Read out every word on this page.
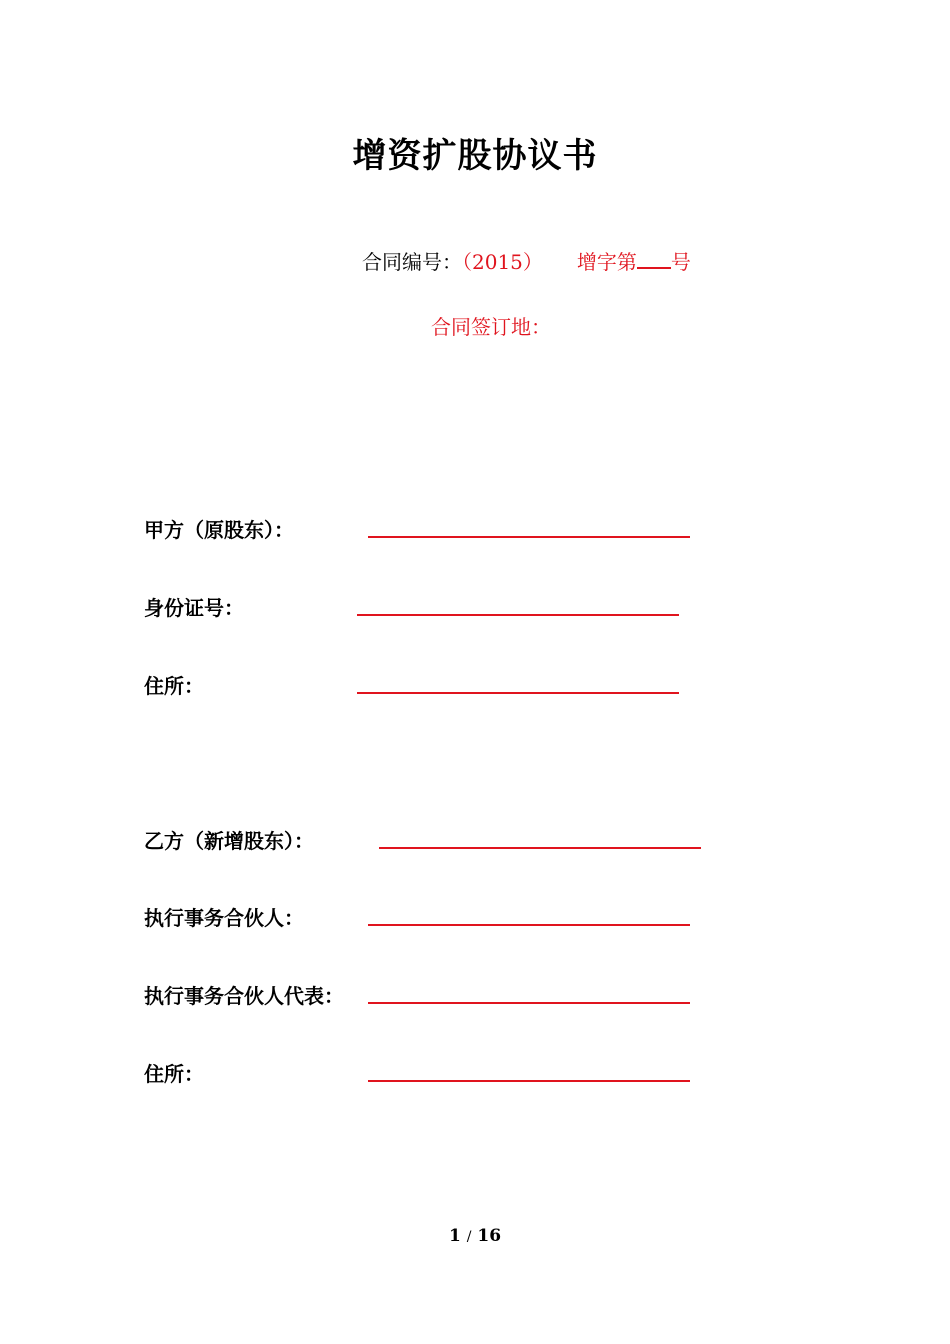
增资扩股协议书
合同编号：（2015） 增字第 号
合同签订地：
甲方（原股东）：
身份证号：
住所：
乙方（新增股东）：
执行事务合伙人：
执行事务合伙人代表：
住所：
1 / 16
